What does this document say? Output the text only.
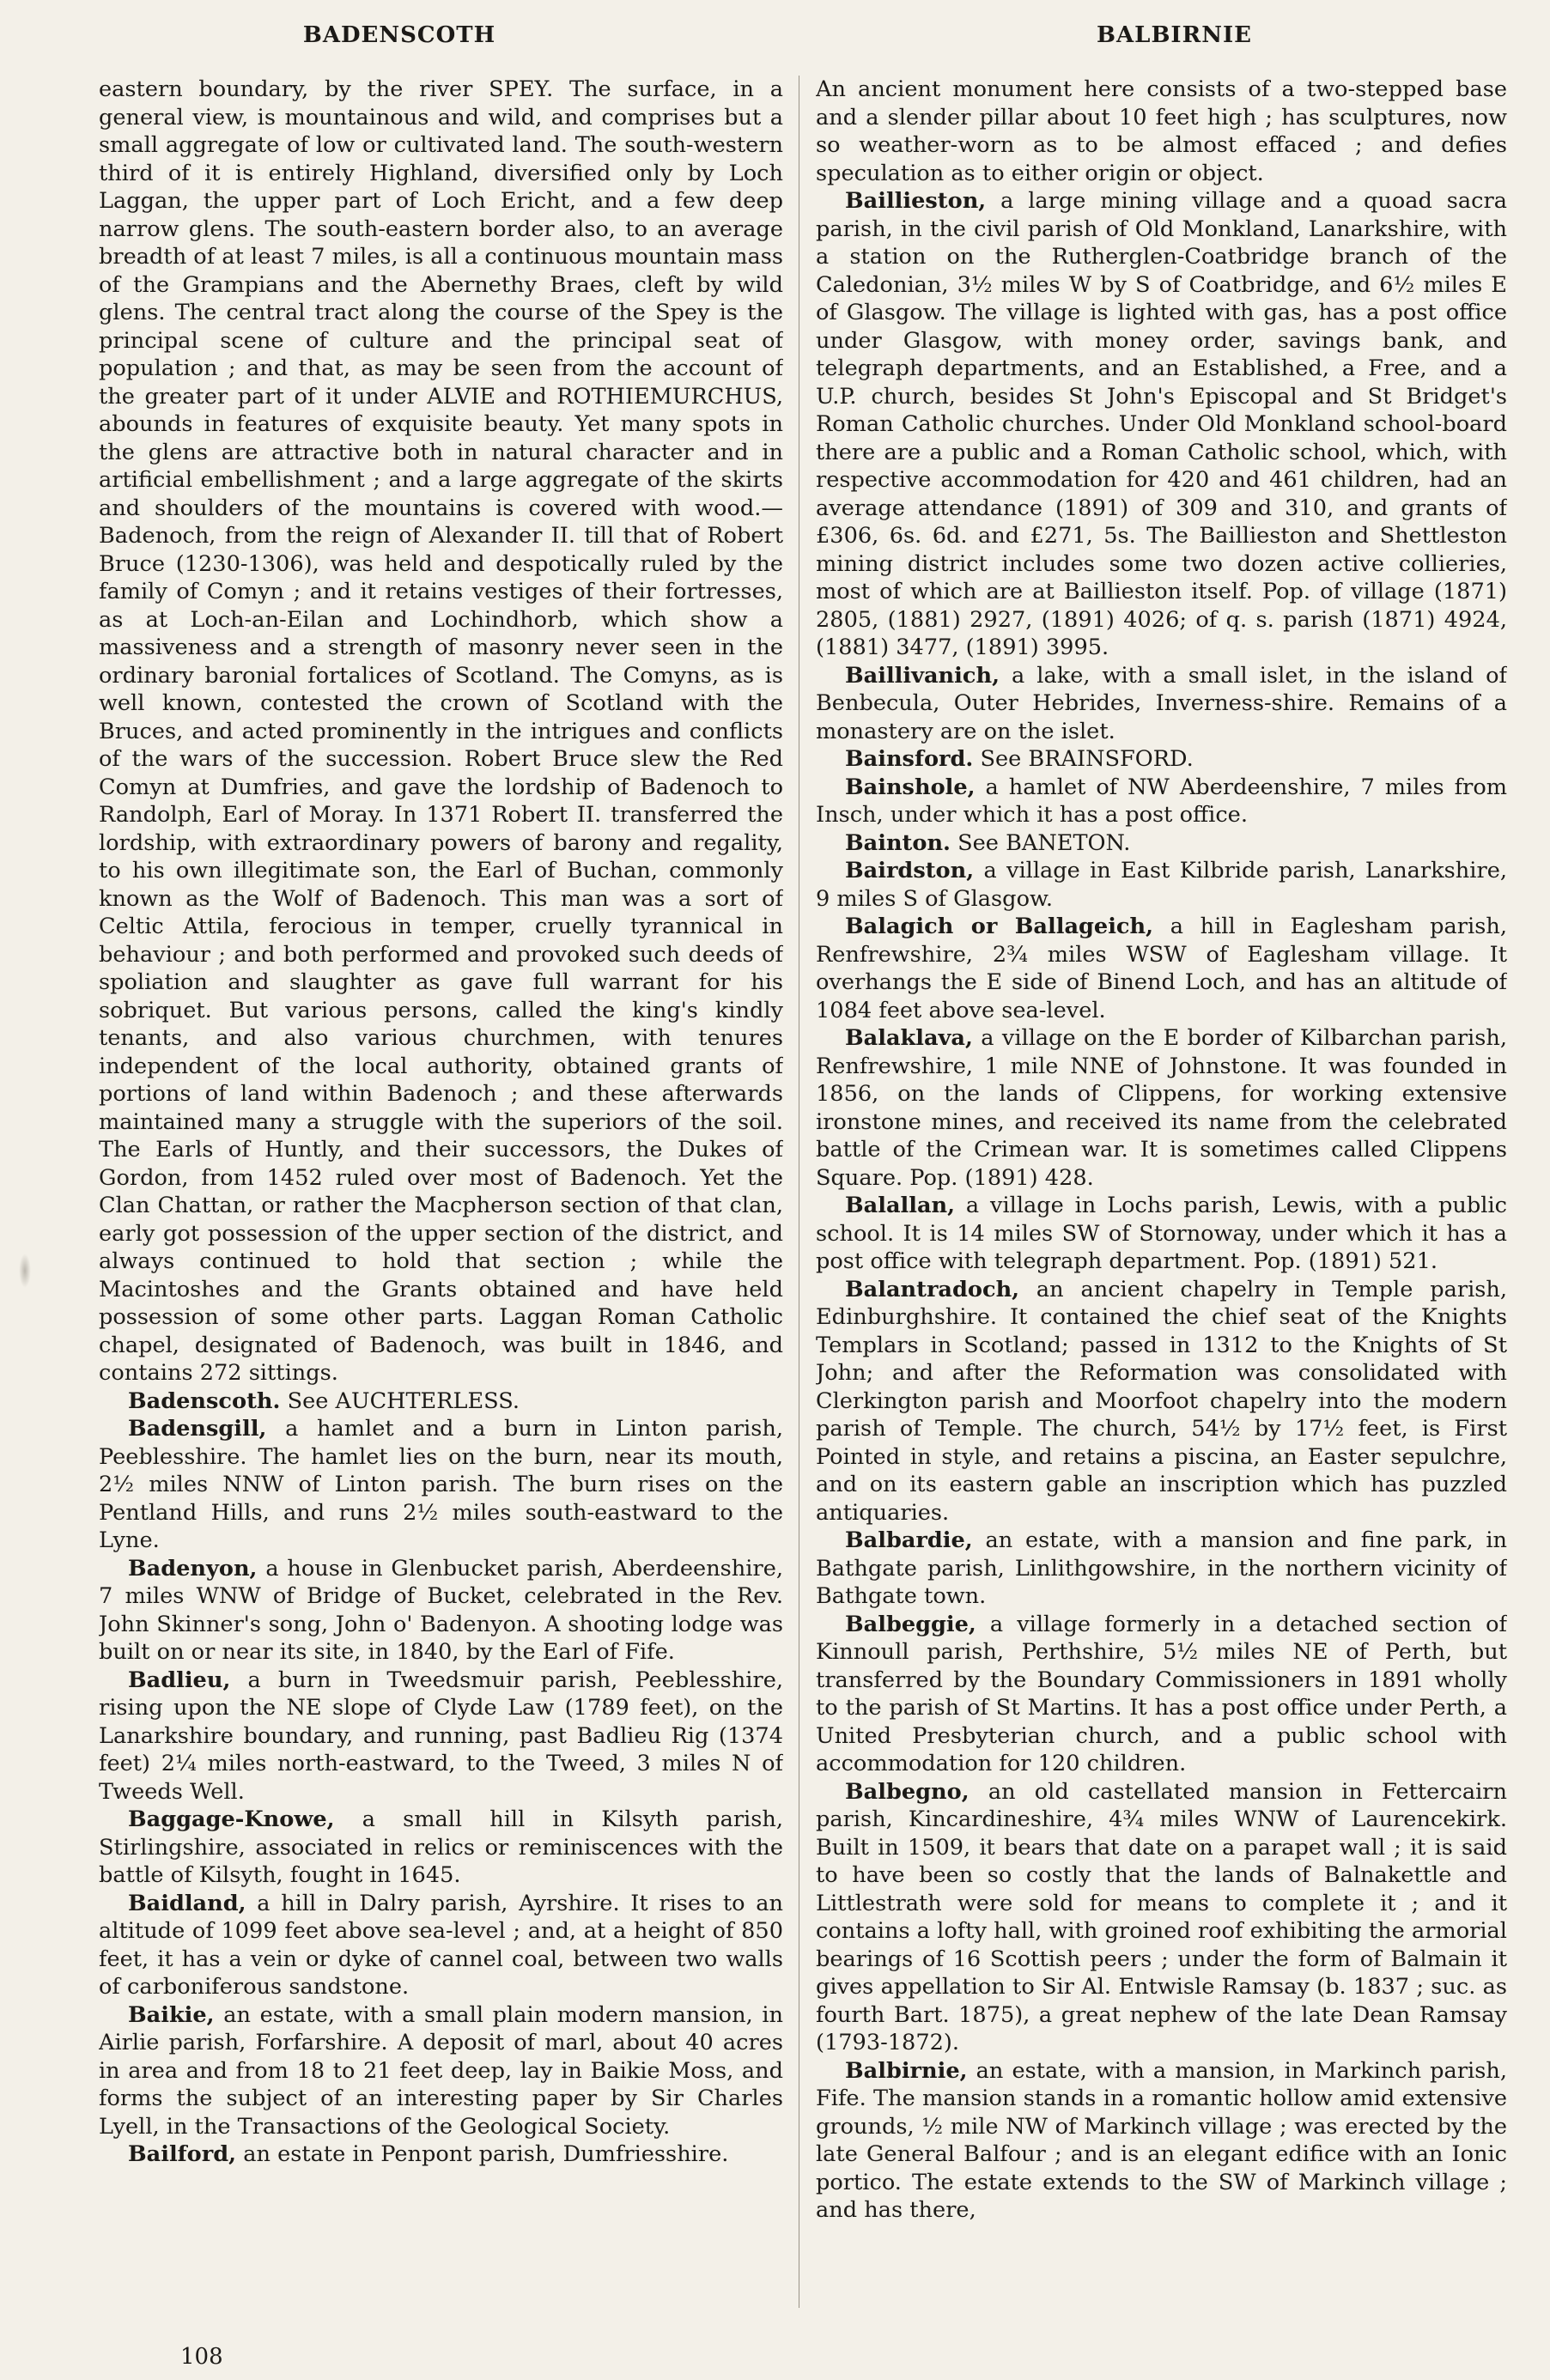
BADENSCOTH	BALBIRNIE

eastern boundary, by the river SPEY. The surface, in a general view, is mountainous and wild, and comprises but a small aggregate of low or cultivated land. The south-western third of it is entirely Highland, diversified only by Loch Laggan, the upper part of Loch Ericht, and a few deep narrow glens. The south-eastern border also, to an average breadth of at least 7 miles, is all a continuous mountain mass of the Grampians and the Abernethy Braes, cleft by wild glens. The central tract along the course of the Spey is the principal scene of culture and the principal seat of population ; and that, as may be seen from the account of the greater part of it under ALVIE and ROTHIEMURCHUS, abounds in features of exquisite beauty. Yet many spots in the glens are attractive both in natural character and in artificial embellishment ; and a large aggregate of the skirts and shoulders of the mountains is covered with wood.—Badenoch, from the reign of Alexander II. till that of Robert Bruce (1230-1306), was held and despotically ruled by the family of Comyn ; and it retains vestiges of their fortresses, as at Loch-an-Eilan and Lochindhorb, which show a massiveness and a strength of masonry never seen in the ordinary baronial fortalices of Scotland. The Comyns, as is well known, contested the crown of Scotland with the Bruces, and acted prominently in the intrigues and conflicts of the wars of the succession. Robert Bruce slew the Red Comyn at Dumfries, and gave the lordship of Badenoch to Randolph, Earl of Moray. In 1371 Robert II. transferred the lordship, with extraordinary powers of barony and regality, to his own illegitimate son, the Earl of Buchan, commonly known as the Wolf of Badenoch. This man was a sort of Celtic Attila, ferocious in temper, cruelly tyrannical in behaviour ; and both performed and provoked such deeds of spoliation and slaughter as gave full warrant for his sobriquet. But various persons, called the king's kindly tenants, and also various churchmen, with tenures independent of the local authority, obtained grants of portions of land within Badenoch ; and these afterwards maintained many a struggle with the superiors of the soil. The Earls of Huntly, and their successors, the Dukes of Gordon, from 1452 ruled over most of Badenoch. Yet the Clan Chattan, or rather the Macpherson section of that clan, early got possession of the upper section of the district, and always continued to hold that section ; while the Macintoshes and the Grants obtained and have held possession of some other parts. Laggan Roman Catholic chapel, designated of Badenoch, was built in 1846, and contains 272 sittings.

Badenscoth. See AUCHTERLESS.

Badensgill, a hamlet and a burn in Linton parish, Peeblesshire. The hamlet lies on the burn, near its mouth, 2½ miles NNW of Linton parish. The burn rises on the Pentland Hills, and runs 2½ miles south-eastward to the Lyne.

Badenyon, a house in Glenbucket parish, Aberdeenshire, 7 miles WNW of Bridge of Bucket, celebrated in the Rev. John Skinner's song, John o' Badenyon. A shooting lodge was built on or near its site, in 1840, by the Earl of Fife.

Badlieu, a burn in Tweedsmuir parish, Peeblesshire, rising upon the NE slope of Clyde Law (1789 feet), on the Lanarkshire boundary, and running, past Badlieu Rig (1374 feet) 2¼ miles north-eastward, to the Tweed, 3 miles N of Tweeds Well.

Baggage-Knowe, a small hill in Kilsyth parish, Stirlingshire, associated in relics or reminiscences with the battle of Kilsyth, fought in 1645.

Baidland, a hill in Dalry parish, Ayrshire. It rises to an altitude of 1099 feet above sea-level ; and, at a height of 850 feet, it has a vein or dyke of cannel coal, between two walls of carboniferous sandstone.

Baikie, an estate, with a small plain modern mansion, in Airlie parish, Forfarshire. A deposit of marl, about 40 acres in area and from 18 to 21 feet deep, lay in Baikie Moss, and forms the subject of an interesting paper by Sir Charles Lyell, in the Transactions of the Geological Society.

Bailford, an estate in Penpont parish, Dumfriesshire.

An ancient monument here consists of a two-stepped base and a slender pillar about 10 feet high ; has sculptures, now so weather-worn as to be almost effaced ; and defies speculation as to either origin or object.

Baillieston, a large mining village and a quoad sacra parish, in the civil parish of Old Monkland, Lanarkshire, with a station on the Rutherglen-Coatbridge branch of the Caledonian, 3½ miles W by S of Coatbridge, and 6½ miles E of Glasgow. The village is lighted with gas, has a post office under Glasgow, with money order, savings bank, and telegraph departments, and an Established, a Free, and a U.P. church, besides St John's Episcopal and St Bridget's Roman Catholic churches. Under Old Monkland school-board there are a public and a Roman Catholic school, which, with respective accommodation for 420 and 461 children, had an average attendance (1891) of 309 and 310, and grants of £306, 6s. 6d. and £271, 5s. The Baillieston and Shettleston mining district includes some two dozen active collieries, most of which are at Baillieston itself. Pop. of village (1871) 2805, (1881) 2927, (1891) 4026; of q. s. parish (1871) 4924, (1881) 3477, (1891) 3995.

Baillivanich, a lake, with a small islet, in the island of Benbecula, Outer Hebrides, Inverness-shire. Remains of a monastery are on the islet.

Bainsford. See BRAINSFORD.

Bainshole, a hamlet of NW Aberdeenshire, 7 miles from Insch, under which it has a post office.

Bainton. See BANETON.

Bairdston, a village in East Kilbride parish, Lanarkshire, 9 miles S of Glasgow.

Balagich or Ballageich, a hill in Eaglesham parish, Renfrewshire, 2¾ miles WSW of Eaglesham village. It overhangs the E side of Binend Loch, and has an altitude of 1084 feet above sea-level.

Balaklava, a village on the E border of Kilbarchan parish, Renfrewshire, 1 mile NNE of Johnstone. It was founded in 1856, on the lands of Clippens, for working extensive ironstone mines, and received its name from the celebrated battle of the Crimean war. It is sometimes called Clippens Square. Pop. (1891) 428.

Balallan, a village in Lochs parish, Lewis, with a public school. It is 14 miles SW of Stornoway, under which it has a post office with telegraph department. Pop. (1891) 521.

Balantradoch, an ancient chapelry in Temple parish, Edinburghshire. It contained the chief seat of the Knights Templars in Scotland; passed in 1312 to the Knights of St John; and after the Reformation was consolidated with Clerkington parish and Moorfoot chapelry into the modern parish of Temple. The church, 54½ by 17½ feet, is First Pointed in style, and retains a piscina, an Easter sepulchre, and on its eastern gable an inscription which has puzzled antiquaries.

Balbardie, an estate, with a mansion and fine park, in Bathgate parish, Linlithgowshire, in the northern vicinity of Bathgate town.

Balbeggie, a village formerly in a detached section of Kinnoull parish, Perthshire, 5½ miles NE of Perth, but transferred by the Boundary Commissioners in 1891 wholly to the parish of St Martins. It has a post office under Perth, a United Presbyterian church, and a public school with accommodation for 120 children.

Balbegno, an old castellated mansion in Fettercairn parish, Kincardineshire, 4¾ miles WNW of Laurencekirk. Built in 1509, it bears that date on a parapet wall ; it is said to have been so costly that the lands of Balnakettle and Littlestrath were sold for means to complete it ; and it contains a lofty hall, with groined roof exhibiting the armorial bearings of 16 Scottish peers ; under the form of Balmain it gives appellation to Sir Al. Entwisle Ramsay (b. 1837 ; suc. as fourth Bart. 1875), a great nephew of the late Dean Ramsay (1793-1872).

Balbirnie, an estate, with a mansion, in Markinch parish, Fife. The mansion stands in a romantic hollow amid extensive grounds, ½ mile NW of Markinch village ; was erected by the late General Balfour ; and is an elegant edifice with an Ionic portico. The estate extends to the SW of Markinch village ; and has there,

108
